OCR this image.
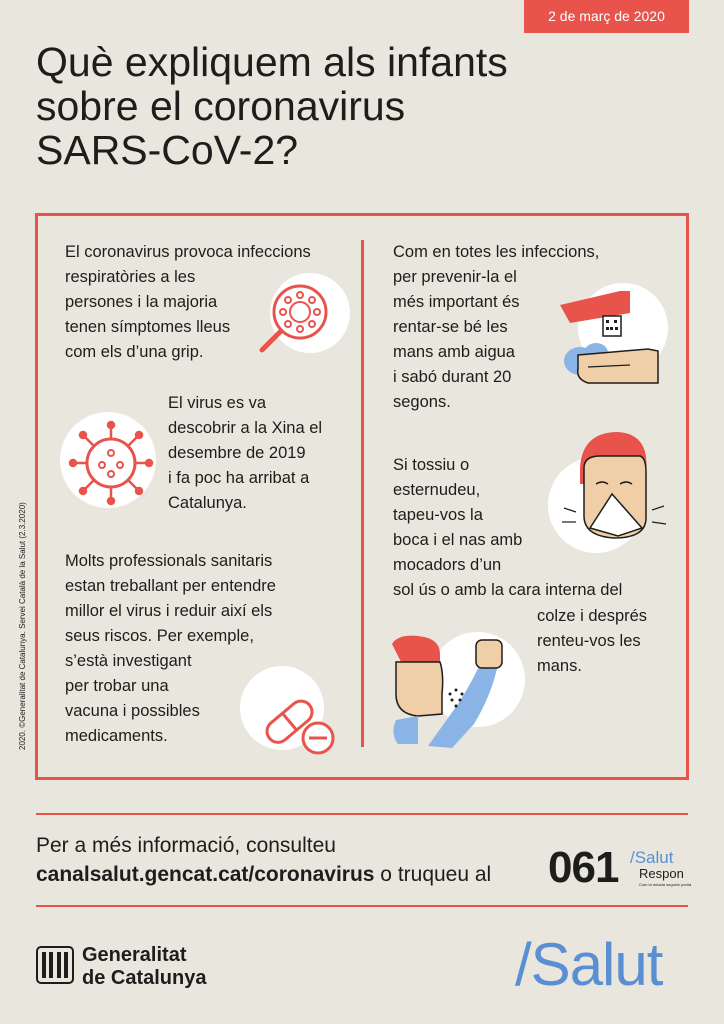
2 de març de 2020
Què expliquem als infants
sobre el coronavirus
SARS-CoV-2?
2020. ©Generalitat de Catalunya. Servei Català de la Salut (2.3.2020)

El coronavirus provoca infeccions
respiratòries a les
persones i la majoria
tenen símptomes lleus
com els d’una grip.

El virus es va
descobrir a la Xina el
desembre de 2019
i fa poc ha arribat a
Catalunya.

Molts professionals sanitaris
estan treballant per entendre
millor el virus i reduir així els
seus riscos. Per exemple,
s’està investigant
per trobar una
vacuna i possibles
medicaments.

Com en totes les infeccions,
per prevenir-la el
més important és
rentar-se bé les
mans amb aigua
i sabó durant 20
segons.

Si tossiu o
esternudeu,
tapeu-vos la
boca i el nas amb
mocadors d’un
sol ús o amb la cara interna del

colze i després
renteu-vos les
mans.

Per a més informació, consulteu
canalsalut.gencat.cat/coronavirus o truqueu al 061 /Salut
Respon
Com la mirada segueix podrà
Generalitat
de Catalunya	/Salut
